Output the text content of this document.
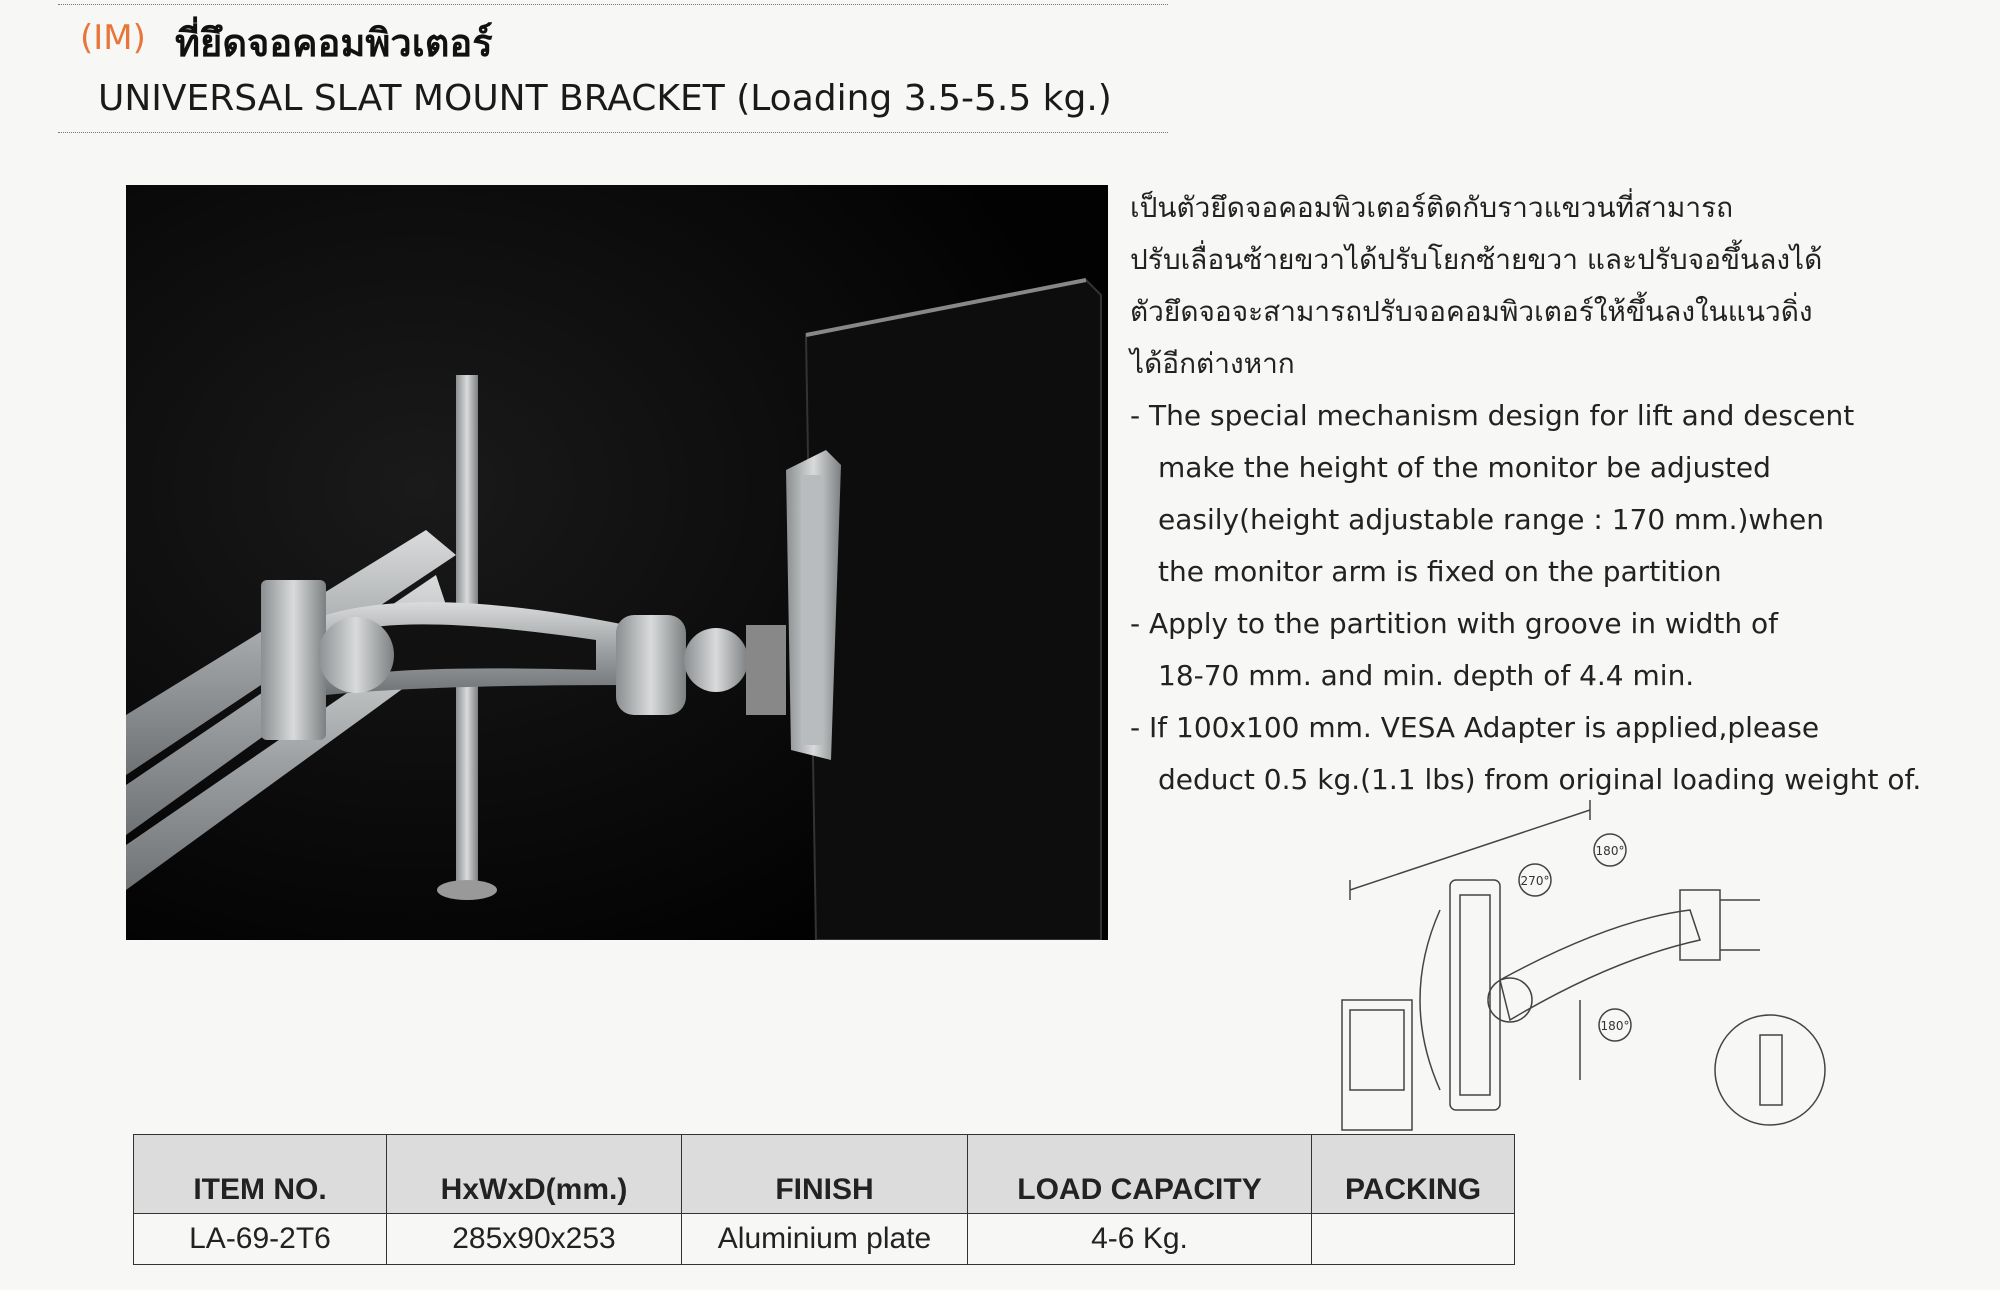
(IM) ที่ยึดจอคอมพิวเตอร์
UNIVERSAL SLAT MOUNT BRACKET (Loading 3.5-5.5 kg.)
เป็นตัวยึดจอคอมพิวเตอร์ติดกับราวแขวนที่สามารถ
ปรับเลื่อนซ้ายขวาได้ปรับโยกซ้ายขวา และปรับจอขึ้นลงได้
ตัวยึดจอจะสามารถปรับจอคอมพิวเตอร์ให้ขึ้นลงในแนวดิ่ง
ได้อีกต่างหาก
- The special mechanism design for lift and descent
make the height of the monitor be adjusted
easily(height adjustable range : 170 mm.)when
the monitor arm is fixed on the partition
- Apply to the partition with groove in width of
18-70 mm. and min. depth of 4.4 min.
- If 100x100 mm. VESA Adapter is applied,please
deduct 0.5 kg.(1.1 lbs) from original loading weight of.
180°
270°
180°
ITEM NO.	HxWxD(mm.)	FINISH	LOAD CAPACITY	PACKING
LA-69-2T6	285x90x253	Aluminium plate	4-6 Kg.	
